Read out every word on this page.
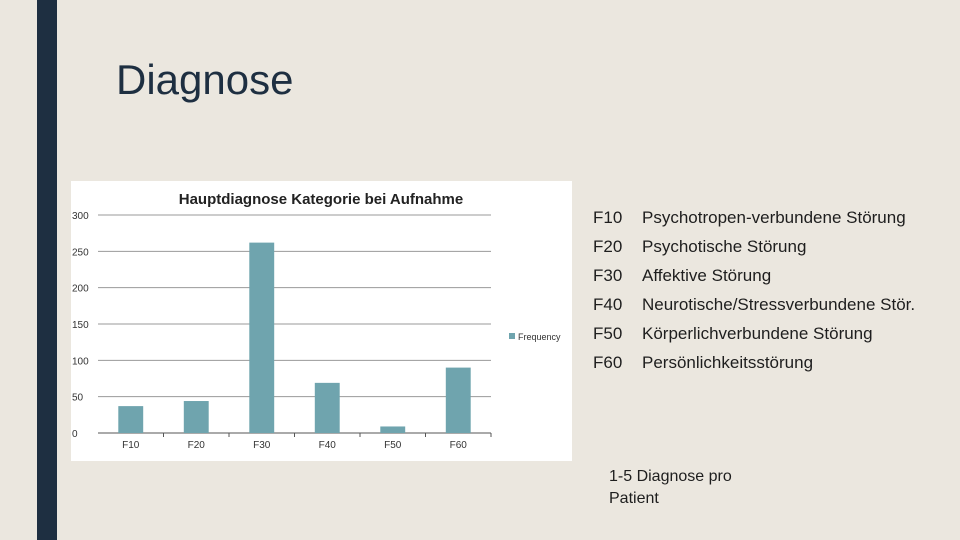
Diagnose
Hauptdiagnose Kategorie bei Aufnahme
0
50
100
150
200
250
300
F10	F20	F30	F40	F50	F60
Frequency
F10 Psychotropen-verbundene Störung
F20 Psychotische Störung
F30 Affektive Störung
F40 Neurotische/Stressverbundene Stör.
F50 Körperlichverbundene Störung
F60 Persönlichkeitsstörung
1-5 Diagnose pro Patient
